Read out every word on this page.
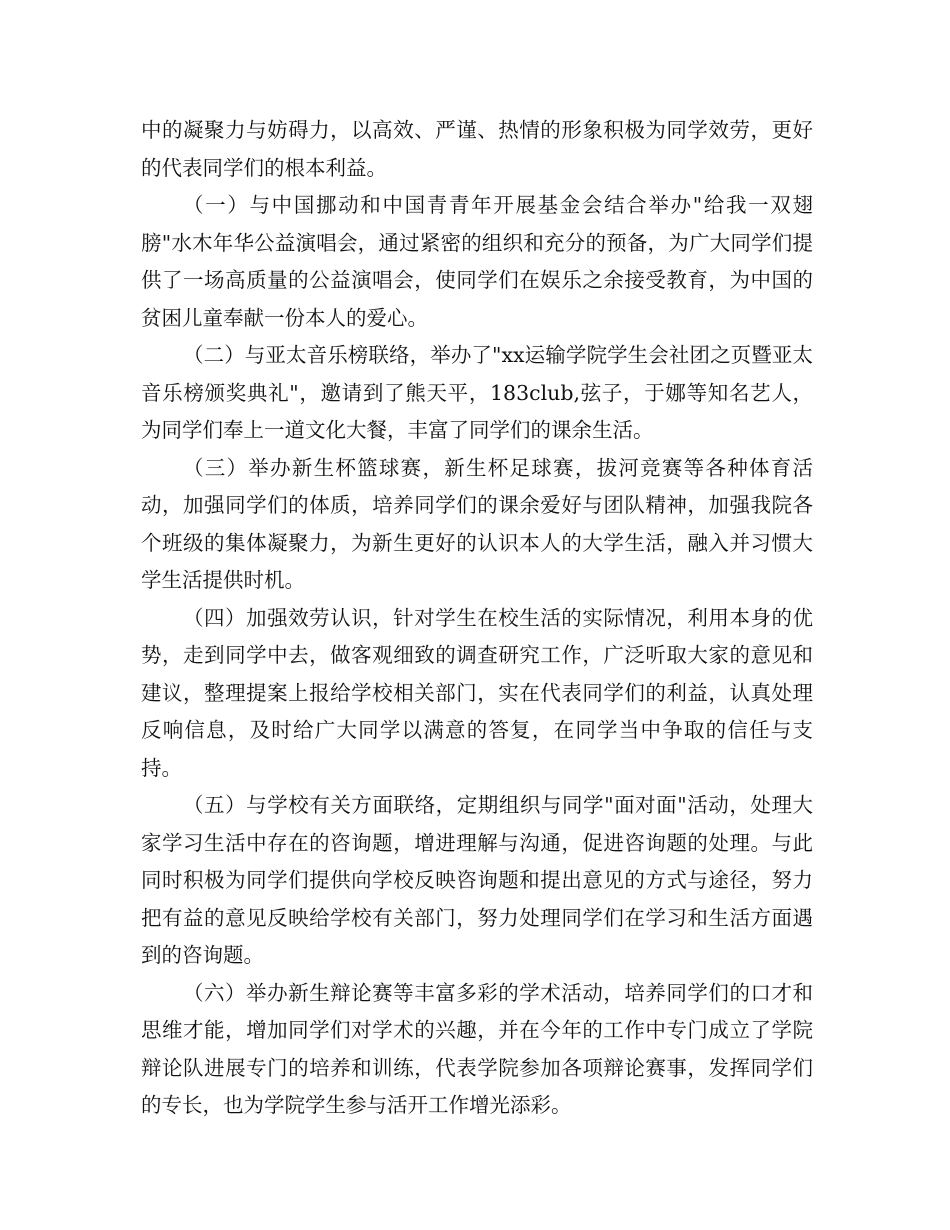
中的凝聚力与妨碍力，以高效、严谨、热情的形象积极为同学效劳，更好的代表同学们的根本利益。

（一）与中国挪动和中国青青年开展基金会结合举办"给我一双翅膀"水木年华公益演唱会，通过紧密的组织和充分的预备，为广大同学们提供了一场高质量的公益演唱会，使同学们在娱乐之余接受教育，为中国的贫困儿童奉献一份本人的爱心。

（二）与亚太音乐榜联络，举办了"xx运输学院学生会社团之页暨亚太音乐榜颁奖典礼"，邀请到了熊天平，183club,弦子，于娜等知名艺人，为同学们奉上一道文化大餐，丰富了同学们的课余生活。

（三）举办新生杯篮球赛，新生杯足球赛，拔河竞赛等各种体育活动，加强同学们的体质，培养同学们的课余爱好与团队精神，加强我院各个班级的集体凝聚力，为新生更好的认识本人的大学生活，融入并习惯大学生活提供时机。

（四）加强效劳认识，针对学生在校生活的实际情况，利用本身的优势，走到同学中去，做客观细致的调查研究工作，广泛听取大家的意见和建议，整理提案上报给学校相关部门，实在代表同学们的利益，认真处理反响信息，及时给广大同学以满意的答复，在同学当中争取的信任与支持。

（五）与学校有关方面联络，定期组织与同学"面对面"活动，处理大家学习生活中存在的咨询题，增进理解与沟通，促进咨询题的处理。与此同时积极为同学们提供向学校反映咨询题和提出意见的方式与途径，努力把有益的意见反映给学校有关部门，努力处理同学们在学习和生活方面遇到的咨询题。

（六）举办新生辩论赛等丰富多彩的学术活动，培养同学们的口才和思维才能，增加同学们对学术的兴趣，并在今年的工作中专门成立了学院辩论队进展专门的培养和训练，代表学院参加各项辩论赛事，发挥同学们的专长，也为学院学生参与活开工作增光添彩。
